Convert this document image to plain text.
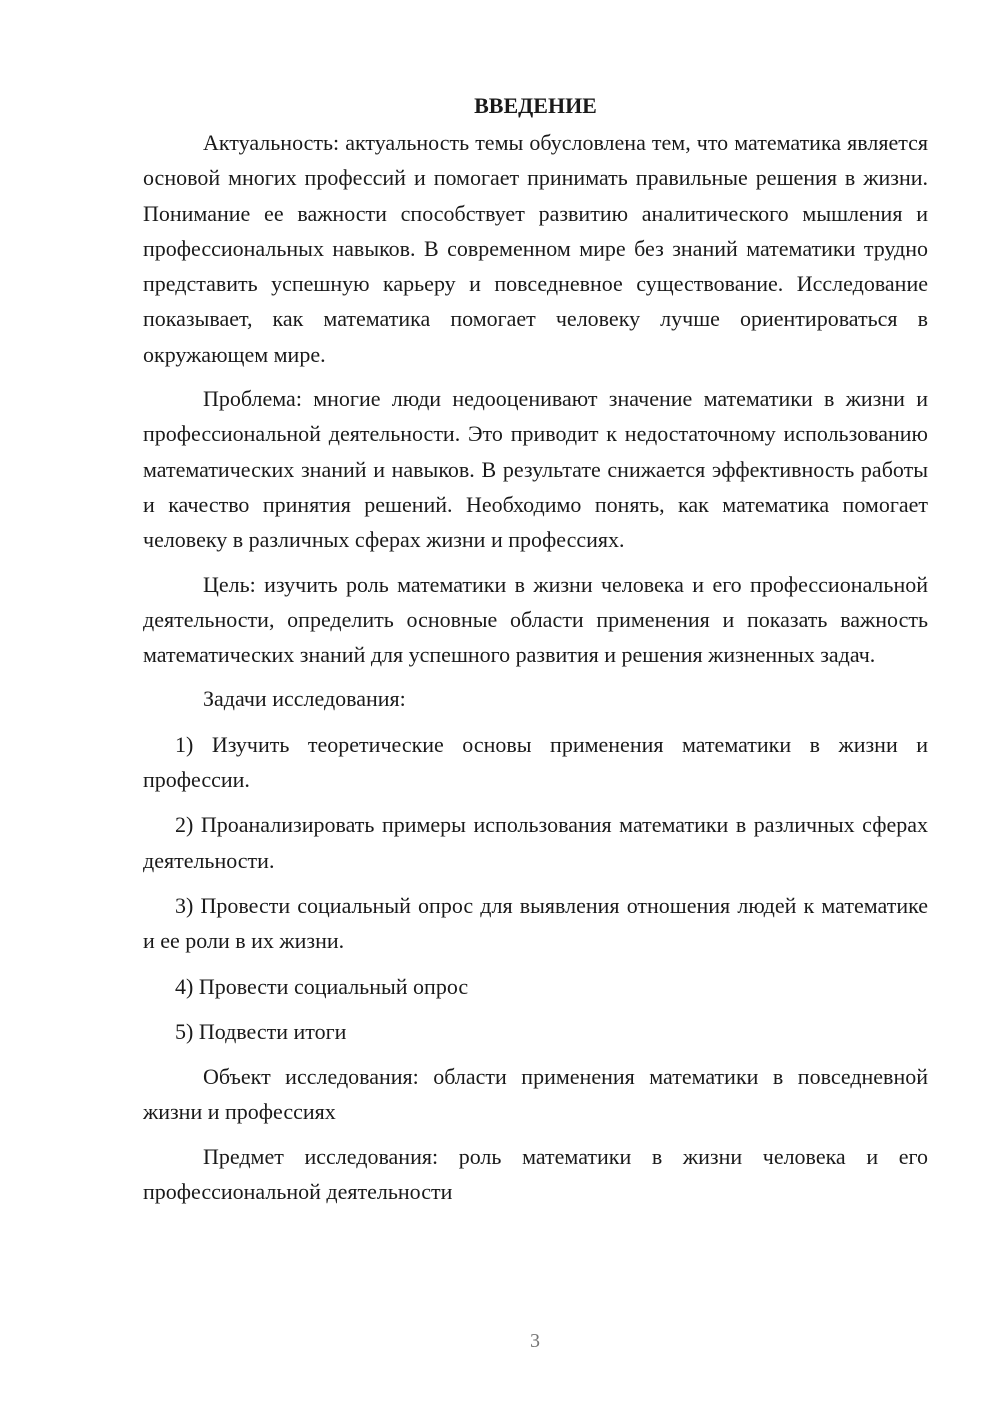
ВВЕДЕНИЕ

Актуальность: актуальность темы обусловлена тем, что математика является основой многих профессий и помогает принимать правильные решения в жизни. Понимание ее важности способствует развитию аналитического мышления и профессиональных навыков. В современном мире без знаний математики трудно представить успешную карьеру и повседневное существование. Исследование показывает, как математика помогает человеку лучше ориентироваться в окружающем мире.

Проблема: многие люди недооценивают значение математики в жизни и профессиональной деятельности. Это приводит к недостаточному использованию математических знаний и навыков. В результате снижается эффективность работы и качество принятия решений. Необходимо понять, как математика помогает человеку в различных сферах жизни и профессиях.

Цель: изучить роль математики в жизни человека и его профессиональной деятельности, определить основные области применения и показать важность математических знаний для успешного развития и решения жизненных задач.

Задачи исследования:

1) Изучить теоретические основы применения математики в жизни и профессии.

2) Проанализировать примеры использования математики в различных сферах деятельности.

3) Провести социальный опрос для выявления отношения людей к математике и ее роли в их жизни.

4) Провести социальный опрос

5) Подвести итоги

Объект исследования: области применения математики в повседневной жизни и профессиях

Предмет исследования: роль математики в жизни человека и его профессиональной деятельности

3
